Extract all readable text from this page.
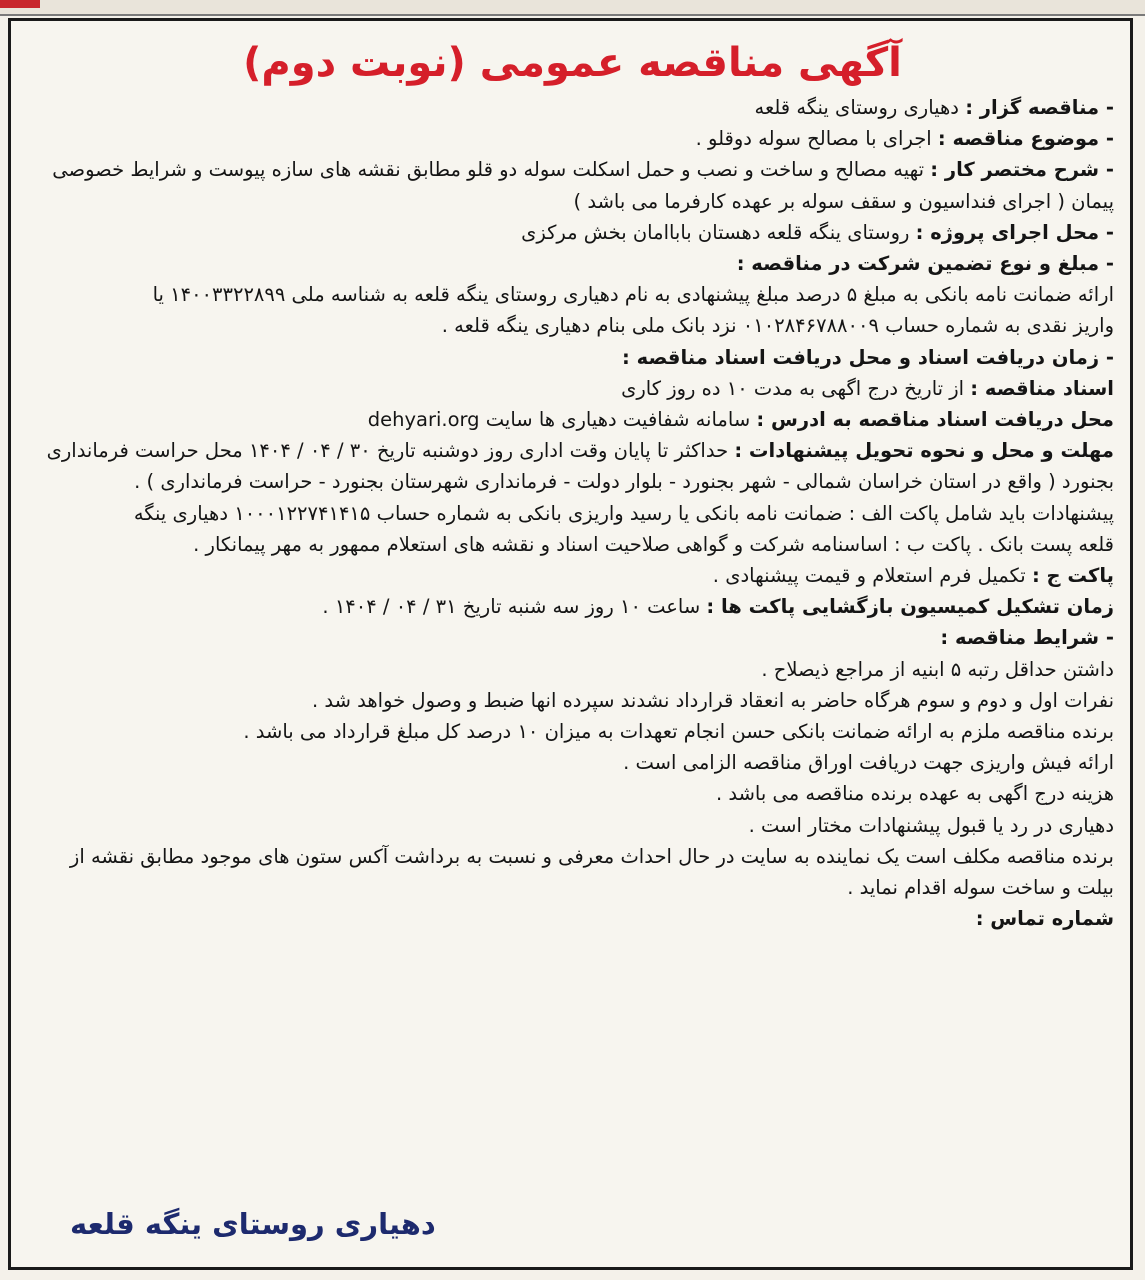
آگهی مناقصه عمومی (نوبت دوم)
- مناقصه گزار : دهیاری روستای ینگه قلعه
- موضوع مناقصه : اجرای با مصالح سوله دوقلو .
- شرح مختصر کار : تهیه مصالح و ساخت و نصب و حمل اسکلت سوله دو قلو مطابق نقشه های سازه پیوست و شرایط خصوصی
پیمان ( اجرای فنداسیون و سقف سوله بر عهده کارفرما می باشد )
- محل اجرای پروژه : روستای ینگه قلعه دهستان باباامان بخش مرکزی
- مبلغ و نوع تضمین شرکت در مناقصه :
ارائه ضمانت نامه بانکی به مبلغ ۵ درصد مبلغ پیشنهادی به نام دهیاری روستای ینگه قلعه به شناسه ملی ۱۴۰۰۳۳۲۲۸۹۹ یا
واریز نقدی به شماره حساب ۰۱۰۲۸۴۶۷۸۸۰۰۹ نزد بانک ملی بنام دهیاری ینگه قلعه .
- زمان دریافت اسناد و محل دریافت اسناد مناقصه :
اسناد مناقصه : از تاریخ درج اگهی به مدت ۱۰ ده روز کاری
محل دریافت اسناد مناقصه به ادرس : سامانه شفافیت دهیاری ها سایت dehyari.org
مهلت و محل و نحوه تحویل پیشنهادات : حداکثر تا پایان وقت اداری روز دوشنبه تاریخ ۳۰ / ۰۴ / ۱۴۰۴ محل حراست فرمانداری
بجنورد ( واقع در استان خراسان شمالی - شهر بجنورد - بلوار دولت - فرمانداری شهرستان بجنورد - حراست فرمانداری ) .
پیشنهادات باید شامل پاکت الف : ضمانت نامه بانکی یا رسید واریزی بانکی به شماره حساب ۱۰۰۰۱۲۲۷۴۱۴۱۵ دهیاری ینگه
قلعه پست بانک . پاکت ب : اساسنامه شرکت و گواهی صلاحیت اسناد و نقشه های استعلام ممهور به مهر پیمانکار .
پاکت ج : تکمیل فرم استعلام و قیمت پیشنهادی .
زمان تشکیل کمیسیون بازگشایی پاکت ها : ساعت ۱۰ روز سه شنبه تاریخ ۳۱ / ۰۴ / ۱۴۰۴ .
- شرایط مناقصه :
داشتن حداقل رتبه ۵ ابنیه از مراجع ذیصلاح .
نفرات اول و دوم و سوم هرگاه حاضر به انعقاد قرارداد نشدند سپرده انها ضبط و وصول خواهد شد .
برنده مناقصه ملزم به ارائه ضمانت بانکی حسن انجام تعهدات به میزان ۱۰ درصد کل مبلغ قرارداد می باشد .
ارائه فیش واریزی جهت دریافت اوراق مناقصه الزامی است .
هزینه درج اگهی به عهده برنده مناقصه می باشد .
دهیاری در رد یا قبول پیشنهادات مختار است .
برنده مناقصه مکلف است یک نماینده به سایت در حال احداث معرفی و نسبت به برداشت آکس ستون های موجود مطابق نقشه از
بیلت و ساخت سوله اقدام نماید .
شماره تماس :
دهیاری روستای ینگه قلعه
